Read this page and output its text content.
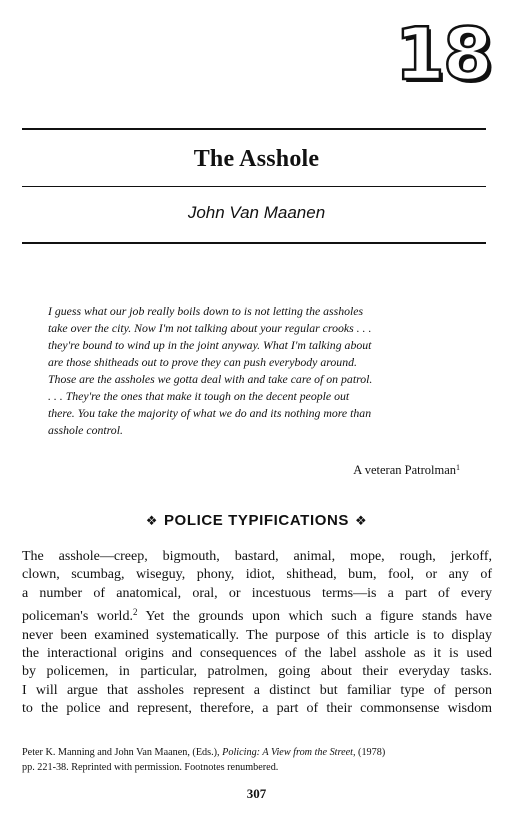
18
The Asshole
John Van Maanen
I guess what our job really boils down to is not letting the assholes
take over the city. Now I'm not talking about your regular crooks . . .
they're bound to wind up in the joint anyway. What I'm talking about
are those shitheads out to prove they can push everybody around.
Those are the assholes we gotta deal with and take care of on patrol.
. . . They're the ones that make it tough on the decent people out
there. You take the majority of what we do and its nothing more than
asshole control.
A veteran Patrolman$^1$
❖ POLICE TYPIFICATIONS ❖
The asshole—creep, bigmouth, bastard, animal, mope, rough, jerkoff,
clown, scumbag, wiseguy, phony, idiot, shithead, bum, fool, or any of
a number of anatomical, oral, or incestuous terms—is a part of every
policeman's world.$^2$ Yet the grounds upon which such a figure stands have
never been examined systematically. The purpose of this article is to display
the interactional origins and consequences of the label asshole as it is used
by policemen, in particular, patrolmen, going about their everyday tasks.
I will argue that assholes represent a distinct but familiar type of person
to the police and represent, therefore, a part of their commonsense wisdom
Peter K. Manning and John Van Maanen, (Eds.), Policing: A View from the Street, (1978)
pp. 221-38. Reprinted with permission. Footnotes renumbered.
307
